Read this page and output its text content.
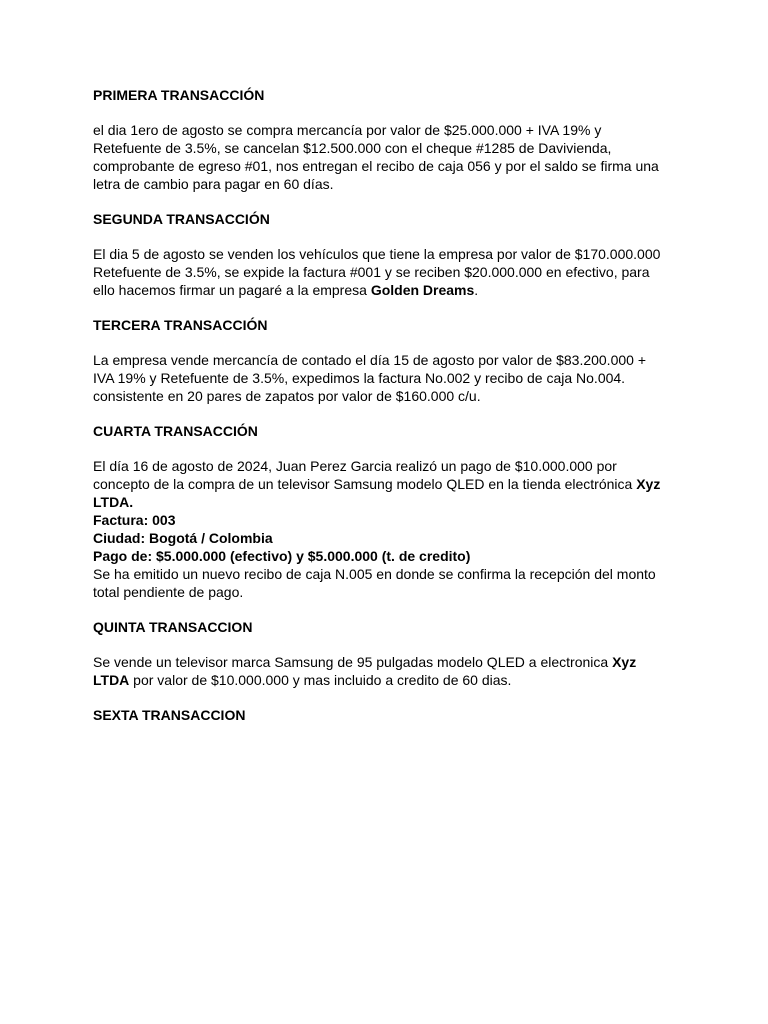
PRIMERA TRANSACCIÓN
el dia 1ero de agosto se compra mercancía por valor de $25.000.000 + IVA 19% y
Retefuente de 3.5%, se cancelan $12.500.000 con el cheque #1285 de Davivienda,
comprobante de egreso #01, nos entregan el recibo de caja 056 y por el saldo se firma una
letra de cambio para pagar en 60 días.
SEGUNDA TRANSACCIÓN
El dia 5 de agosto se venden los vehículos que tiene la empresa por valor de $170.000.000
Retefuente de 3.5%, se expide la factura #001 y se reciben $20.000.000 en efectivo, para
ello hacemos firmar un pagaré a la empresa Golden Dreams.
TERCERA TRANSACCIÓN
La empresa vende mercancía de contado el día 15 de agosto por valor de $83.200.000 +
IVA 19% y Retefuente de 3.5%, expedimos la factura No.002 y recibo de caja No.004.
consistente en 20 pares de zapatos por valor de $160.000 c/u.
CUARTA TRANSACCIÓN
El día 16 de agosto de 2024, Juan Perez Garcia realizó un pago de $10.000.000 por
concepto de la compra de un televisor Samsung modelo QLED en la tienda electrónica Xyz
LTDA.
Factura: 003
Ciudad: Bogotá / Colombia
Pago de: $5.000.000 (efectivo) y $5.000.000 (t. de credito)
Se ha emitido un nuevo recibo de caja N.005 en donde se confirma la recepción del monto
total pendiente de pago.
QUINTA TRANSACCION
Se vende un televisor marca Samsung de 95 pulgadas modelo QLED a electronica Xyz
LTDA por valor de $10.000.000 y mas incluido a credito de 60 dias.
SEXTA TRANSACCION
